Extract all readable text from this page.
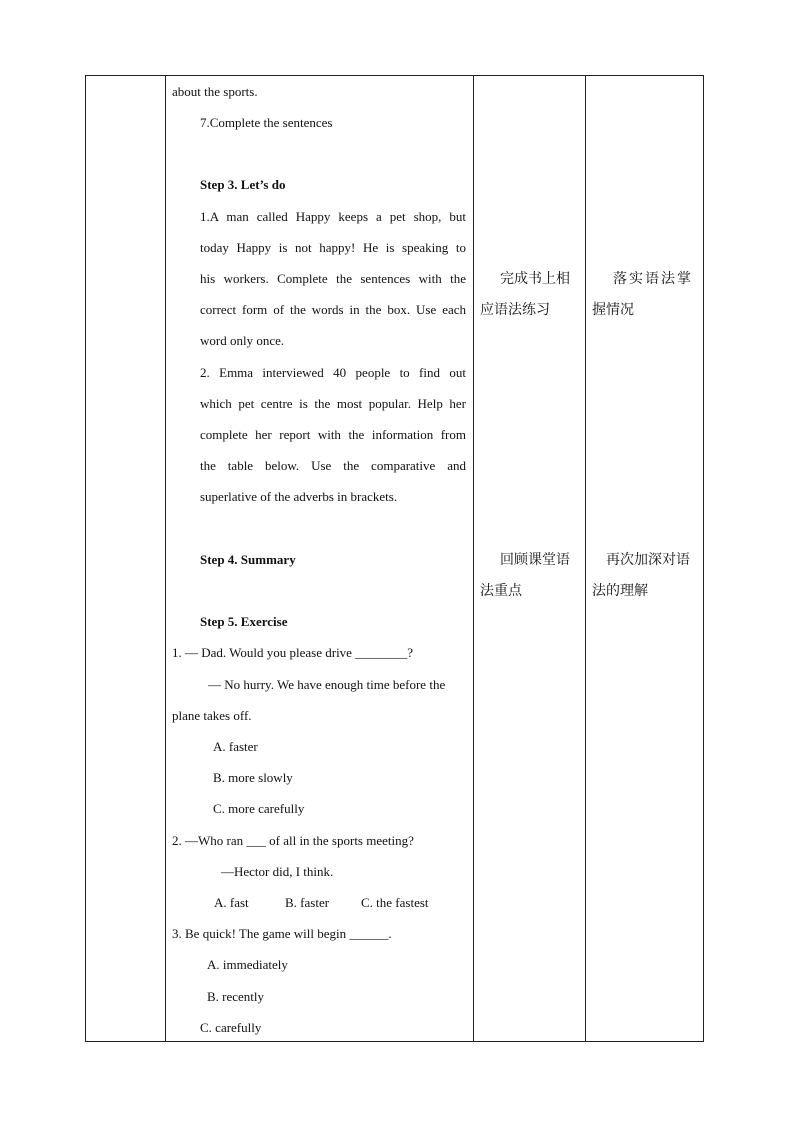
about the sports.
7.Complete the sentences
Step 3. Let’s do
1.A man called Happy keeps a pet shop, but
today Happy is not happy! He is speaking to
his workers. Complete the sentences with the
correct form of the words in the box. Use each
word only once.
2. Emma interviewed 40 people to find out
which pet centre is the most popular. Help her
complete her report with the information from
the table below. Use the comparative and
superlative of the adverbs in brackets.
Step 4. Summary
Step 5. Exercise
1. — Dad. Would you please drive ________?
— No hurry. We have enough time before the
plane takes off.
A. faster
B. more slowly
C. more carefully
2. —Who ran ___ of all in the sports meeting?
—Hector did, I think.
A. fast	B. faster C. the fastest
3. Be quick! The game will begin ______.
A. immediately
B. recently
C. carefully
完成书上相
应语法练习
回顾课堂语
法重点
落实语法掌
握情况
再次加深对语
法的理解
